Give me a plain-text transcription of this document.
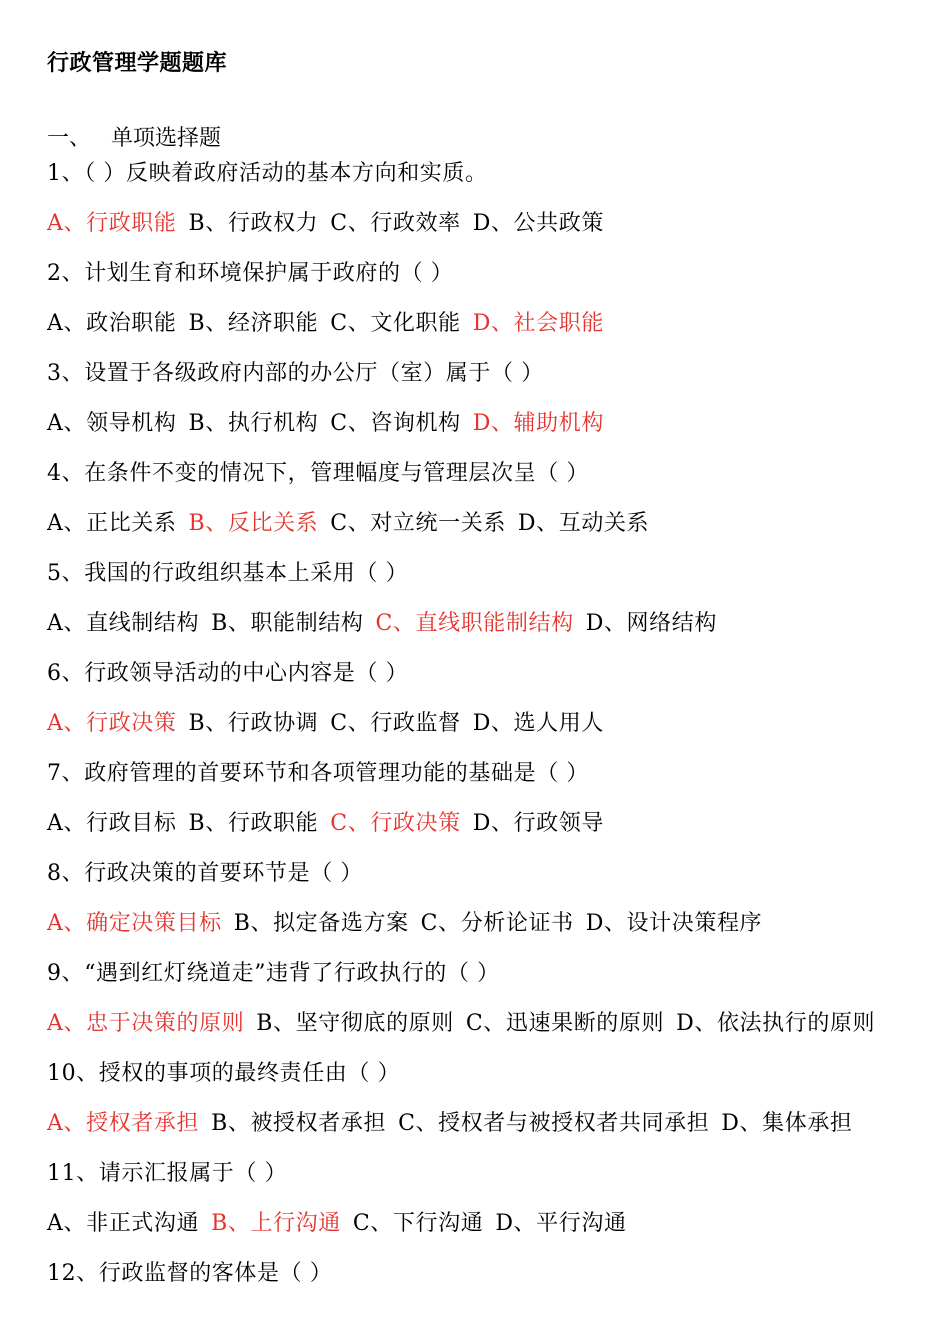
行政管理学题题库
一、 单项选择题
1、（ ）反映着政府活动的基本方向和实质。
A、行政职能 B、行政权力 C、行政效率 D、公共政策
2、计划生育和环境保护属于政府的（ ）
A、政治职能 B、经济职能 C、文化职能 D、社会职能
3、设置于各级政府内部的办公厅（室）属于（ ）
A、领导机构 B、执行机构 C、咨询机构 D、辅助机构
4、在条件不变的情况下，管理幅度与管理层次呈（ ）
A、正比关系 B、反比关系 C、对立统一关系 D、互动关系
5、我国的行政组织基本上采用（ ）
A、直线制结构 B、职能制结构 C、直线职能制结构 D、网络结构
6、行政领导活动的中心内容是（ ）
A、行政决策 B、行政协调 C、行政监督 D、选人用人
7、政府管理的首要环节和各项管理功能的基础是（ ）
A、行政目标 B、行政职能 C、行政决策 D、行政领导
8、行政决策的首要环节是（ ）
A、确定决策目标 B、拟定备选方案 C、分析论证书 D、设计决策程序
9、“遇到红灯绕道走”违背了行政执行的（ ）
A、忠于决策的原则 B、坚守彻底的原则 C、迅速果断的原则 D、依法执行的原则
10、授权的事项的最终责任由（ ）
A、授权者承担 B、被授权者承担 C、授权者与被授权者共同承担 D、集体承担
11、请示汇报属于（ ）
A、非正式沟通 B、上行沟通 C、下行沟通 D、平行沟通
12、行政监督的客体是（ ）
